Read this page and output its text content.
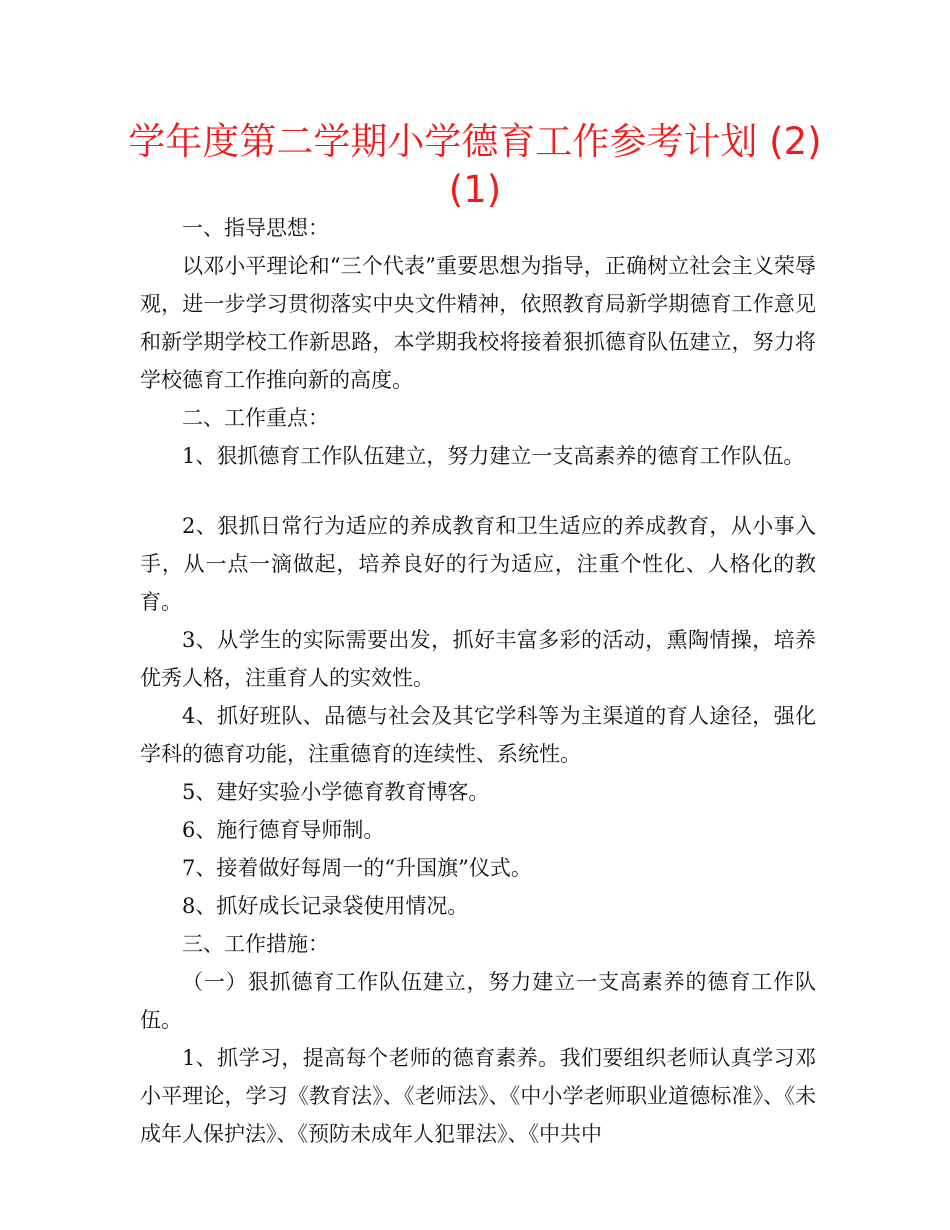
学年度第二学期小学德育工作参考计划 (2)(1)

一、指导思想：

以邓小平理论和“三个代表”重要思想为指导，正确树立社会主义荣辱观，进一步学习贯彻落实中央文件精神，依照教育局新学期德育工作意见和新学期学校工作新思路，本学期我校将接着狠抓德育队伍建立，努力将学校德育工作推向新的高度。

二、工作重点：

1、狠抓德育工作队伍建立，努力建立一支高素养的德育工作队伍。

2、狠抓日常行为适应的养成教育和卫生适应的养成教育，从小事入手，从一点一滴做起，培养良好的行为适应，注重个性化、人格化的教育。

3、从学生的实际需要出发，抓好丰富多彩的活动，熏陶情操，培养优秀人格，注重育人的实效性。

4、抓好班队、品德与社会及其它学科等为主渠道的育人途径，强化学科的德育功能，注重德育的连续性、系统性。

5、建好实验小学德育教育博客。

6、施行德育导师制。

7、接着做好每周一的“升国旗”仪式。

8、抓好成长记录袋使用情况。

三、工作措施：

（一）狠抓德育工作队伍建立，努力建立一支高素养的德育工作队伍。

1、抓学习，提高每个老师的德育素养。我们要组织老师认真学习邓小平理论，学习《教育法》、《老师法》、《中小学老师职业道德标准》、《未成年人保护法》、《预防未成年人犯罪法》、《中共中
